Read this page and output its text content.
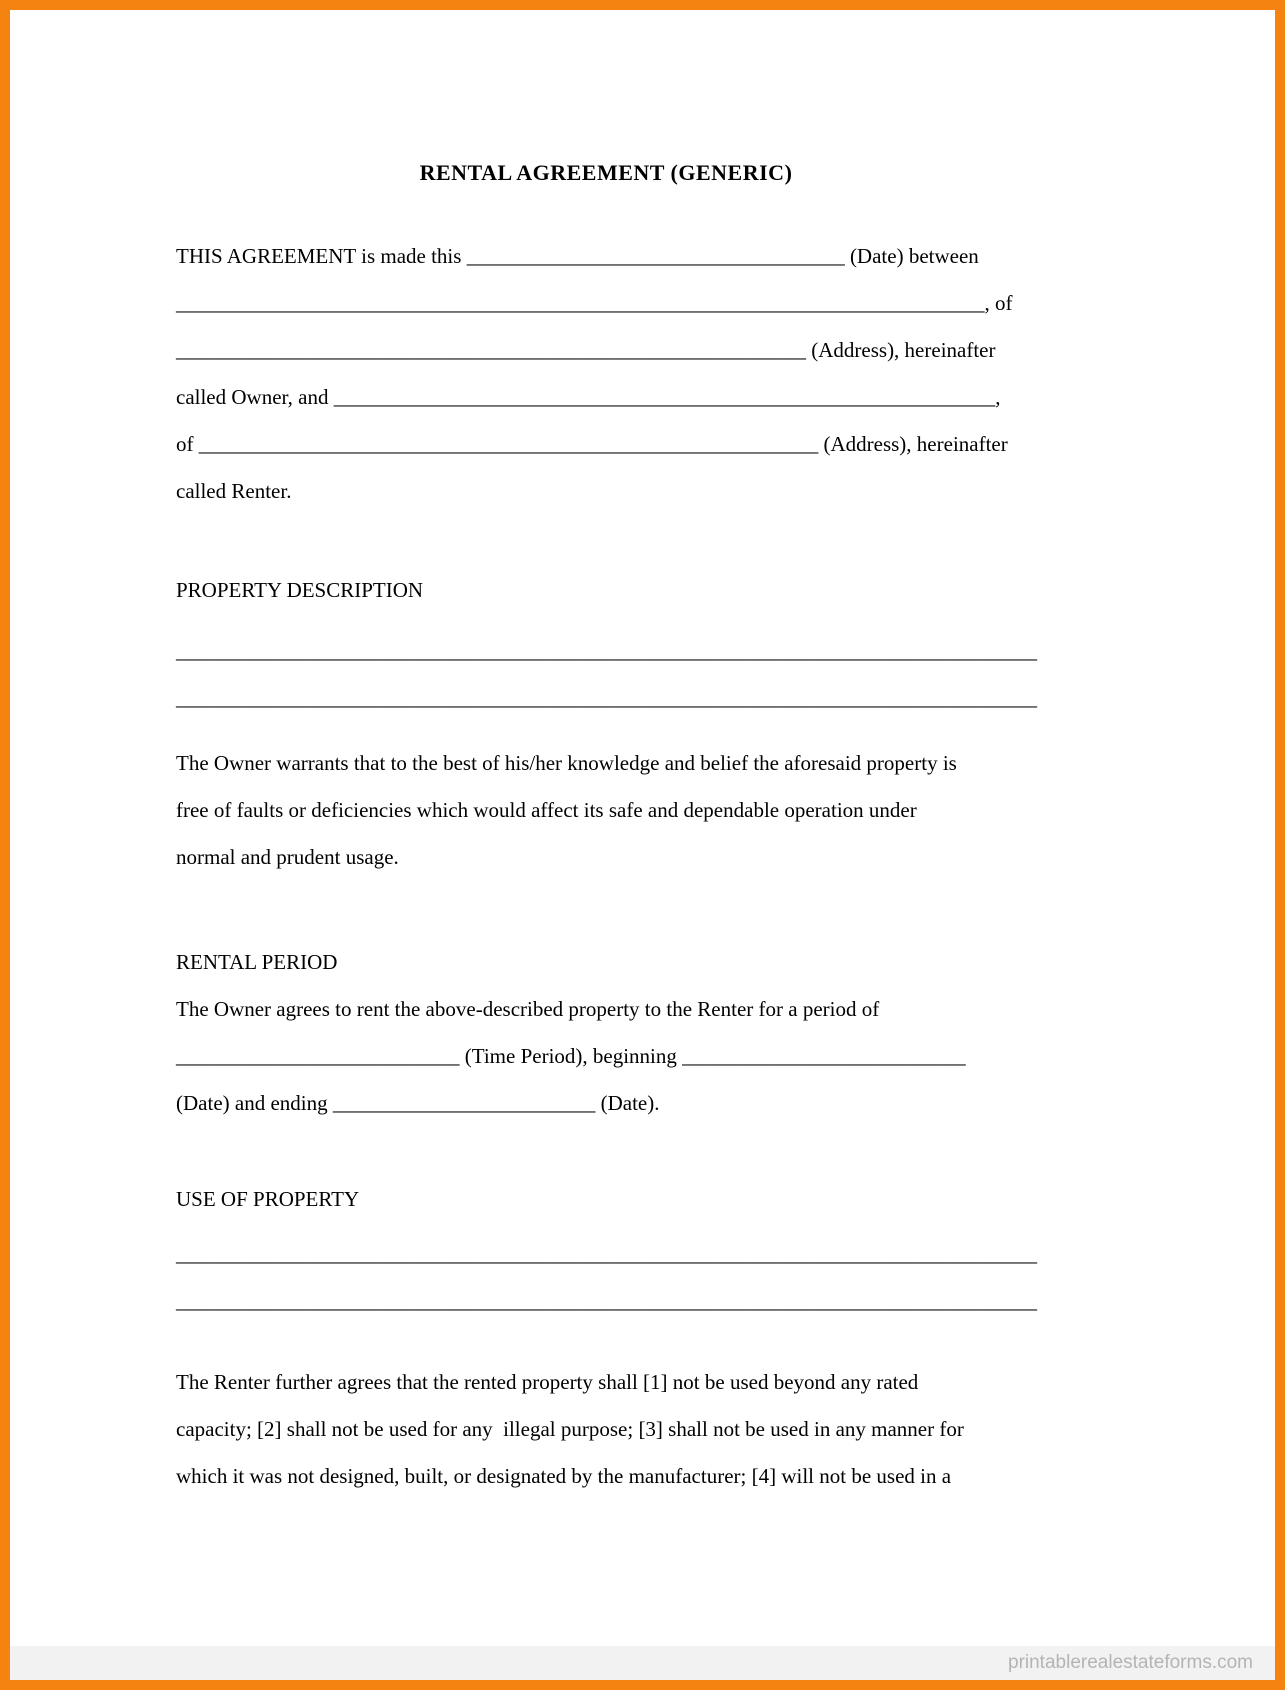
RENTAL AGREEMENT (GENERIC)
THIS AGREEMENT is made this ____________________________________ (Date) between
_____________________________________________________________________________, of
____________________________________________________________ (Address), hereinafter
called Owner, and _______________________________________________________________,
of ___________________________________________________________ (Address), hereinafter
called Renter.
PROPERTY DESCRIPTION
__________________________________________________________________________________
__________________________________________________________________________________
The Owner warrants that to the best of his/her knowledge and belief the aforesaid property is
free of faults or deficiencies which would affect its safe and dependable operation under
normal and prudent usage.
RENTAL PERIOD
The Owner agrees to rent the above-described property to the Renter for a period of
___________________________ (Time Period), beginning ___________________________
(Date) and ending _________________________ (Date).
USE OF PROPERTY
__________________________________________________________________________________
__________________________________________________________________________________
The Renter further agrees that the rented property shall [1] not be used beyond any rated
capacity; [2] shall not be used for any  illegal purpose; [3] shall not be used in any manner for
which it was not designed, built, or designated by the manufacturer; [4] will not be used in a
printablerealestateforms.com
